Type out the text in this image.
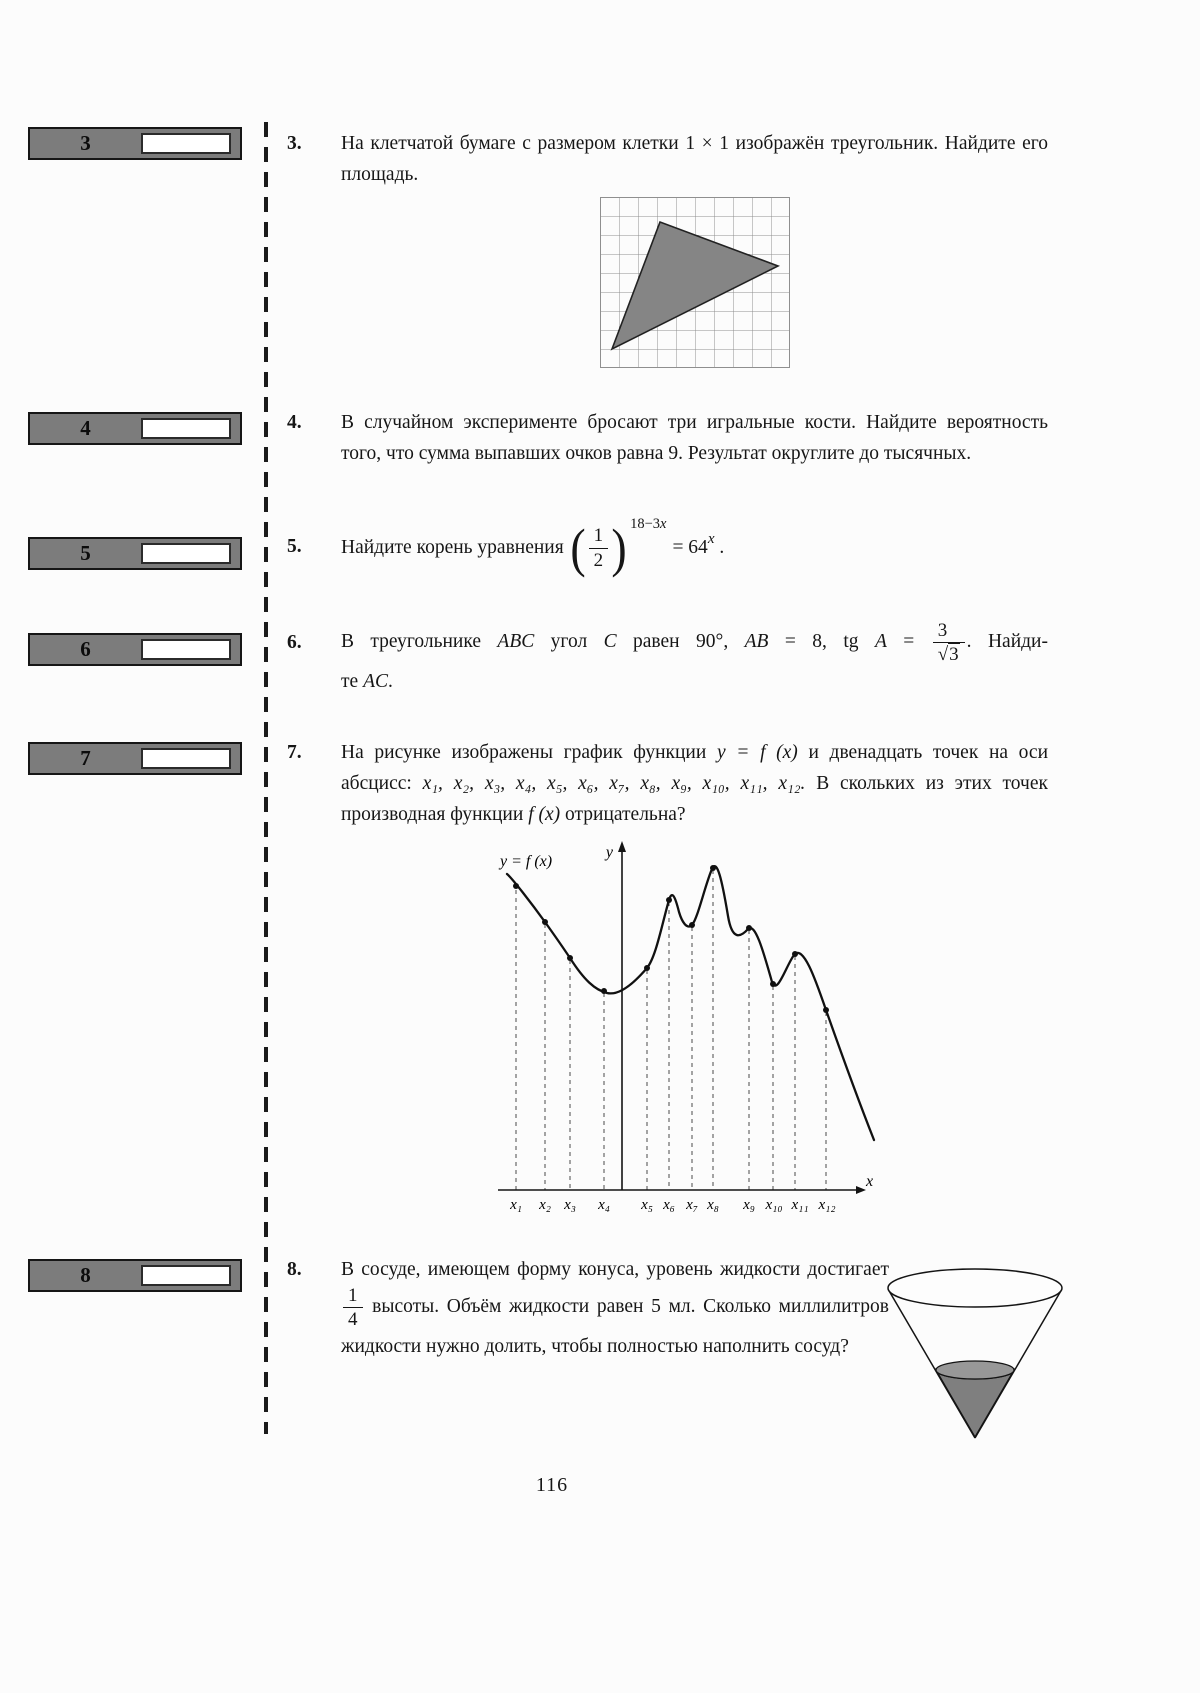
3
4
5
6
7
8
3. На клетчатой бумаге с размером клетки 1 × 1 изображён треугольник. Найдите его площадь.
4. В случайном эксперименте бросают три игральные кости. Найдите вероятность того, что сумма выпавших очков равна 9. Результат округлите до тысячных.
5. Найдите корень уравнения ( $\frac{1}{2}$ ) 18−3x
= 64 x .
6. В треугольнике ABC угол C равен 90°, AB = 8, tg $A = \frac{3}{√3}$ . Найди-
те AC.
7. На рисунке изображены график функции y = f (x) и двенадцать точек на оси абсцисс: x₁, x₂, x₃, x₄, x₅, x₆, x₇, x₈, x₉, x₁₀, x₁₁, x₁₂. В скольких из этих точек производная функции f (x) отрицательна?
y = f (x)
y
x
x₁ x₂ x₃ x₄ x₅ x₆ x₇ x₈ x₉ x₁₀ x₁₁ x₁₂
8. В сосуде, имеющем форму конуса, уровень жидкости достигает
$\frac{1}{4}$ высоты. Объём жидкости равен 5 мл. Сколько миллилитров жидкости нужно долить, чтобы полностью наполнить сосуд?
116
